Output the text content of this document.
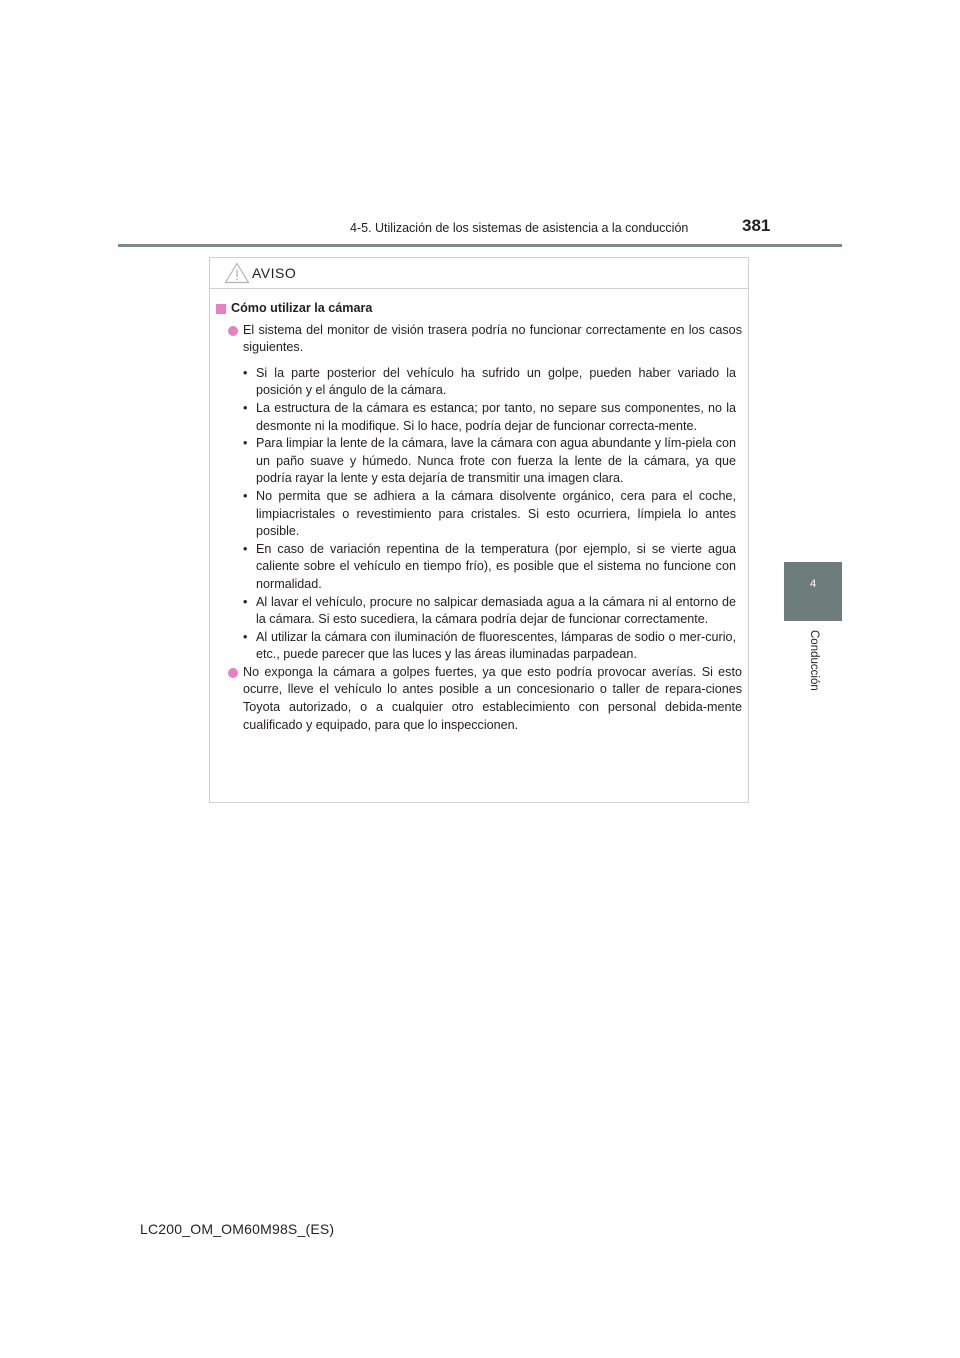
4-5. Utilización de los sistemas de asistencia a la conducción	381
4
Conducción
AVISO
Cómo utilizar la cámara
El sistema del monitor de visión trasera podría no funcionar correctamente en los casos siguientes.
• Si la parte posterior del vehículo ha sufrido un golpe, pueden haber variado la posición y el ángulo de la cámara.
• La estructura de la cámara es estanca; por tanto, no separe sus componentes, no la desmonte ni la modifique. Si lo hace, podría dejar de funcionar correcta-mente.
• Para limpiar la lente de la cámara, lave la cámara con agua abundante y lím-piela con un paño suave y húmedo. Nunca frote con fuerza la lente de la cámara, ya que podría rayar la lente y esta dejaría de transmitir una imagen clara.
• No permita que se adhiera a la cámara disolvente orgánico, cera para el coche, limpiacristales o revestimiento para cristales. Si esto ocurriera, límpiela lo antes posible.
• En caso de variación repentina de la temperatura (por ejemplo, si se vierte agua caliente sobre el vehículo en tiempo frío), es posible que el sistema no funcione con normalidad.
• Al lavar el vehículo, procure no salpicar demasiada agua a la cámara ni al entorno de la cámara. Si esto sucediera, la cámara podría dejar de funcionar correctamente.
• Al utilizar la cámara con iluminación de fluorescentes, lámparas de sodio o mer-curio, etc., puede parecer que las luces y las áreas iluminadas parpadean.
No exponga la cámara a golpes fuertes, ya que esto podría provocar averías. Si esto ocurre, lleve el vehículo lo antes posible a un concesionario o taller de repara-ciones Toyota autorizado, o a cualquier otro establecimiento con personal debida-mente cualificado y equipado, para que lo inspeccionen.
LC200_OM_OM60M98S_(ES)
